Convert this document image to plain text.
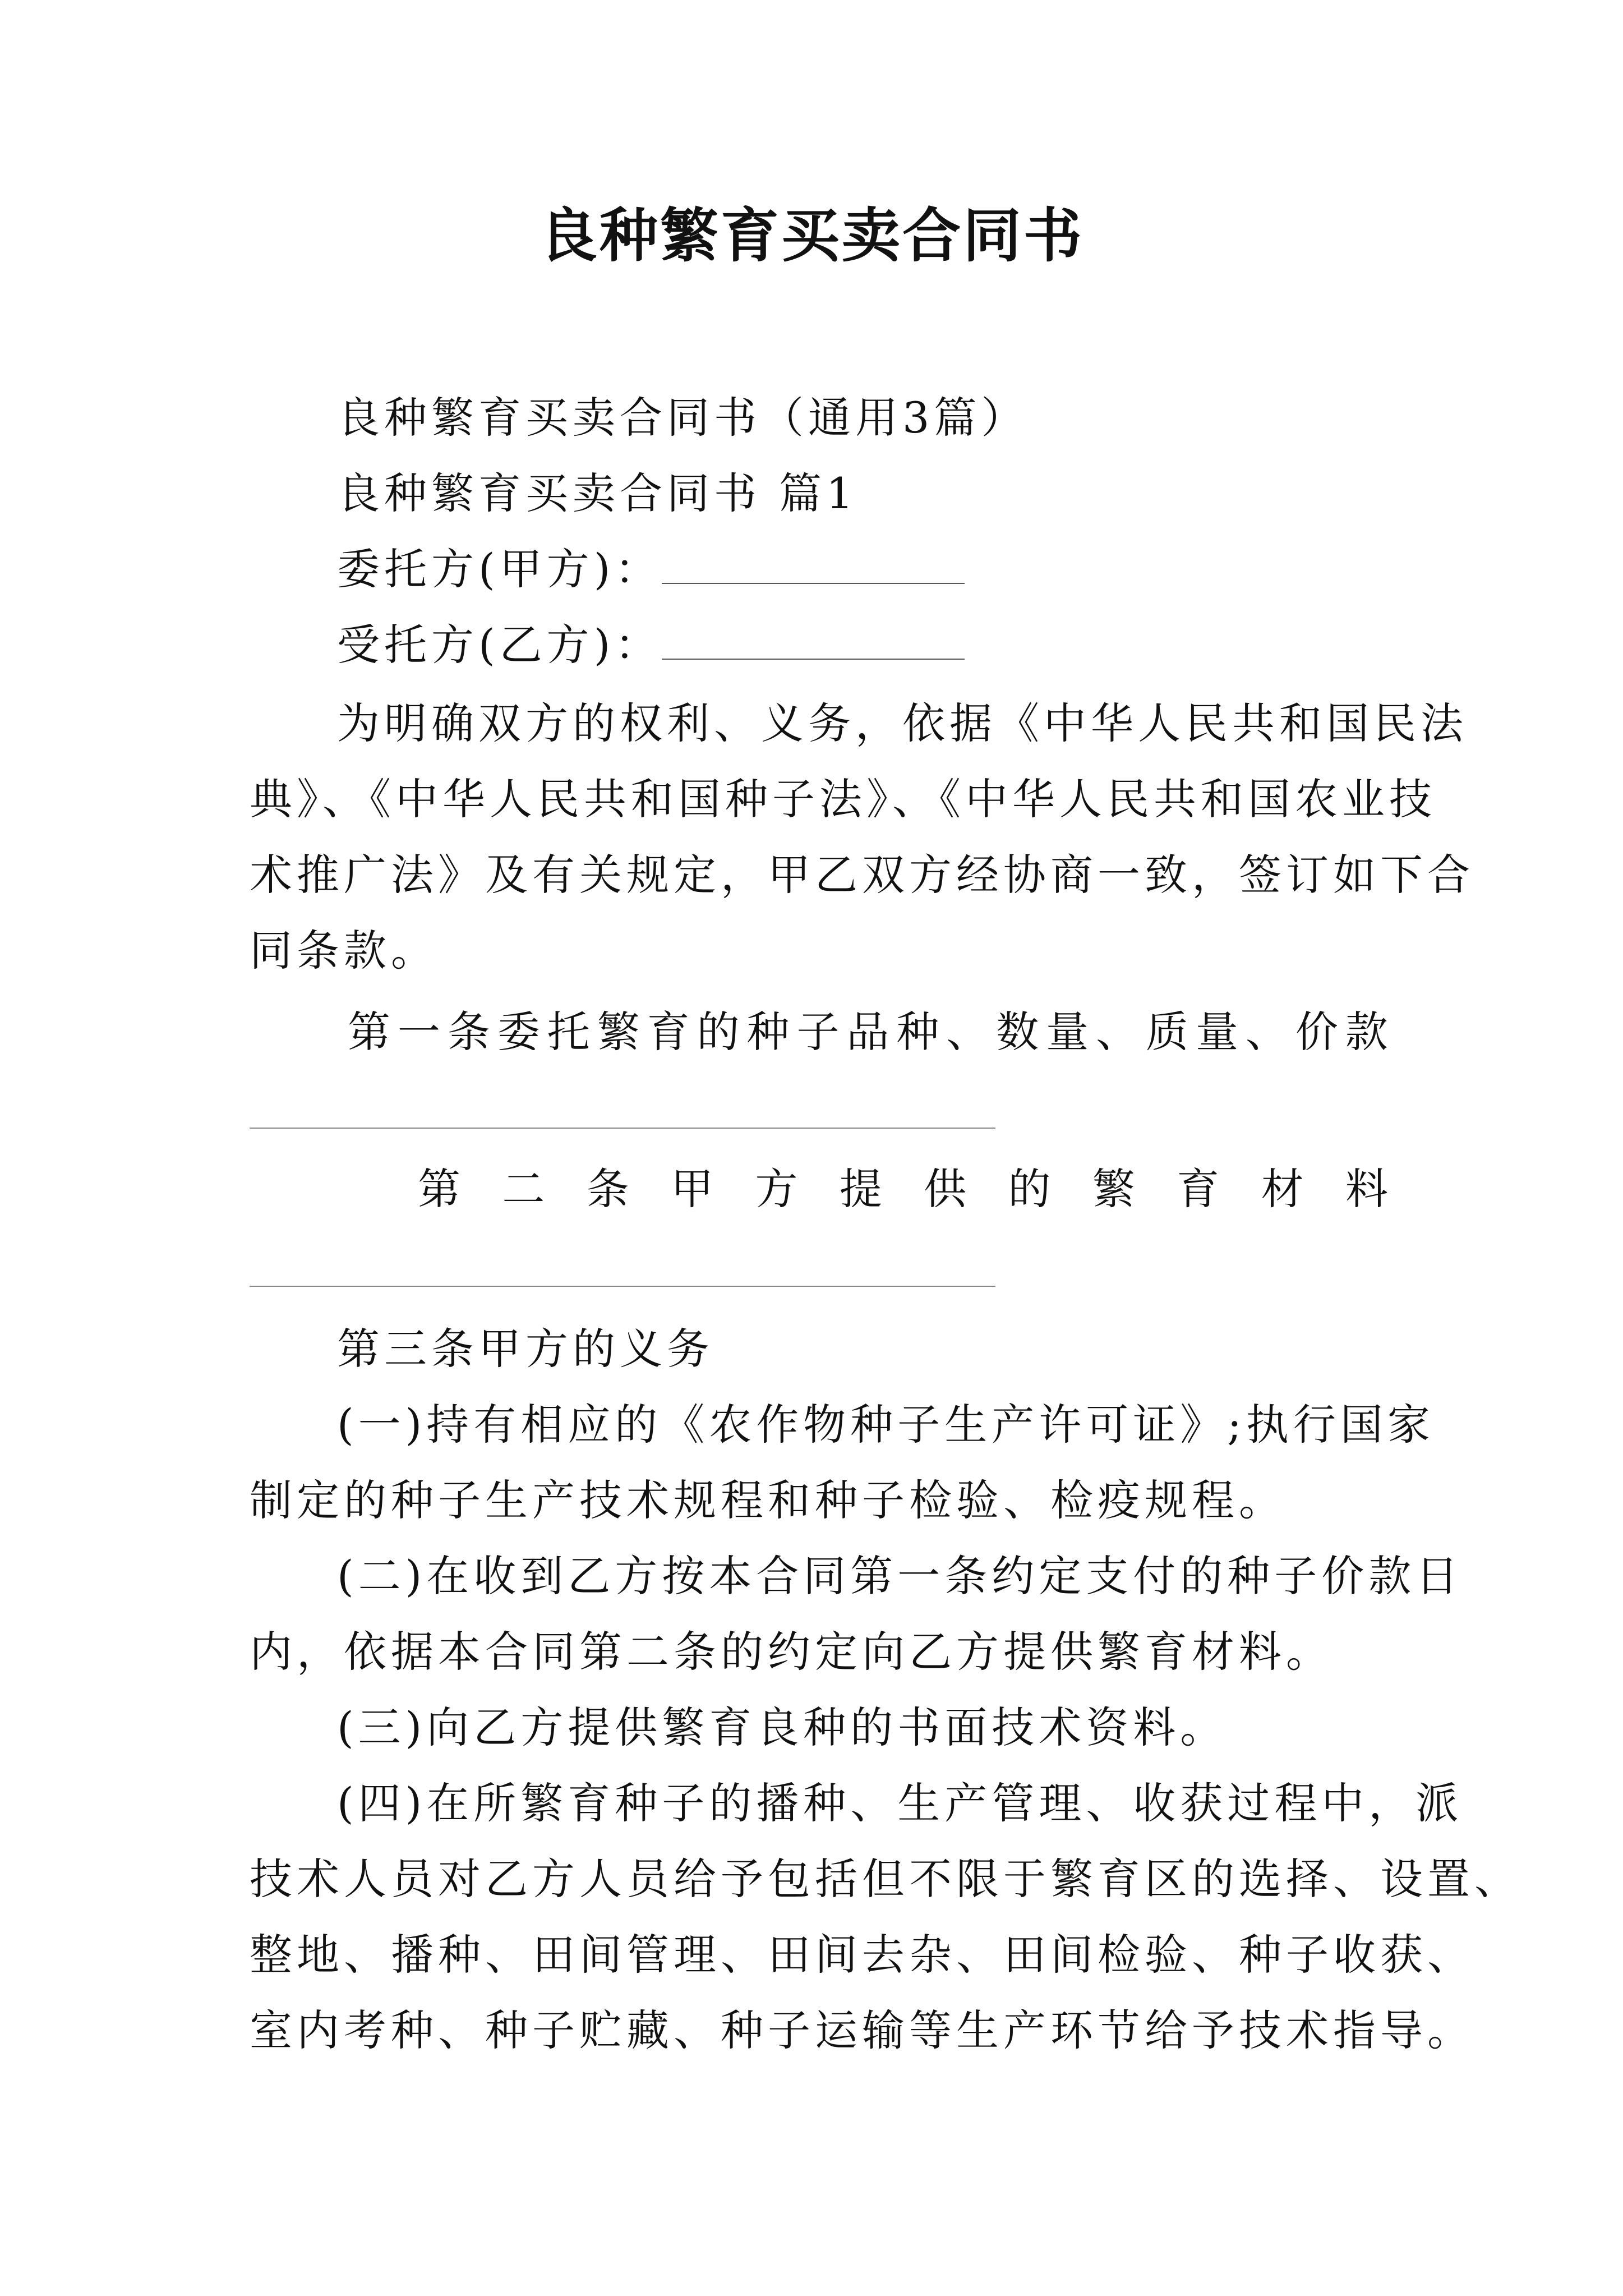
良种繁育买卖合同书
良种繁育买卖合同书（通用3篇）
良种繁育买卖合同书 篇1
委托方(甲方)：
受托方(乙方)：
为明确双方的权利、义务，依据《中华人民共和国民法
典》、《中华人民共和国种子法》、《中华人民共和国农业技
术推广法》及有关规定，甲乙双方经协商一致，签订如下合
同条款。
第 一 条 委 托 繁 育 的 种 子 品 种 、 数 量 、 质 量 、 价 款
第 二 条 甲 方 提 供 的 繁 育 材 料
第三条甲方的义务
(一)持有相应的《农作物种子生产许可证》;执行国家
制定的种子生产技术规程和种子检验、检疫规程。
(二)在收到乙方按本合同第一条约定支付的种子价款日
内，依据本合同第二条的约定向乙方提供繁育材料。
(三)向乙方提供繁育良种的书面技术资料。
(四)在所繁育种子的播种、生产管理、收获过程中，派
技术人员对乙方人员给予包括但不限于繁育区的选择、设置、
整地、播种、田间管理、田间去杂、田间检验、种子收获、
室内考种、种子贮藏、种子运输等生产环节给予技术指导。
